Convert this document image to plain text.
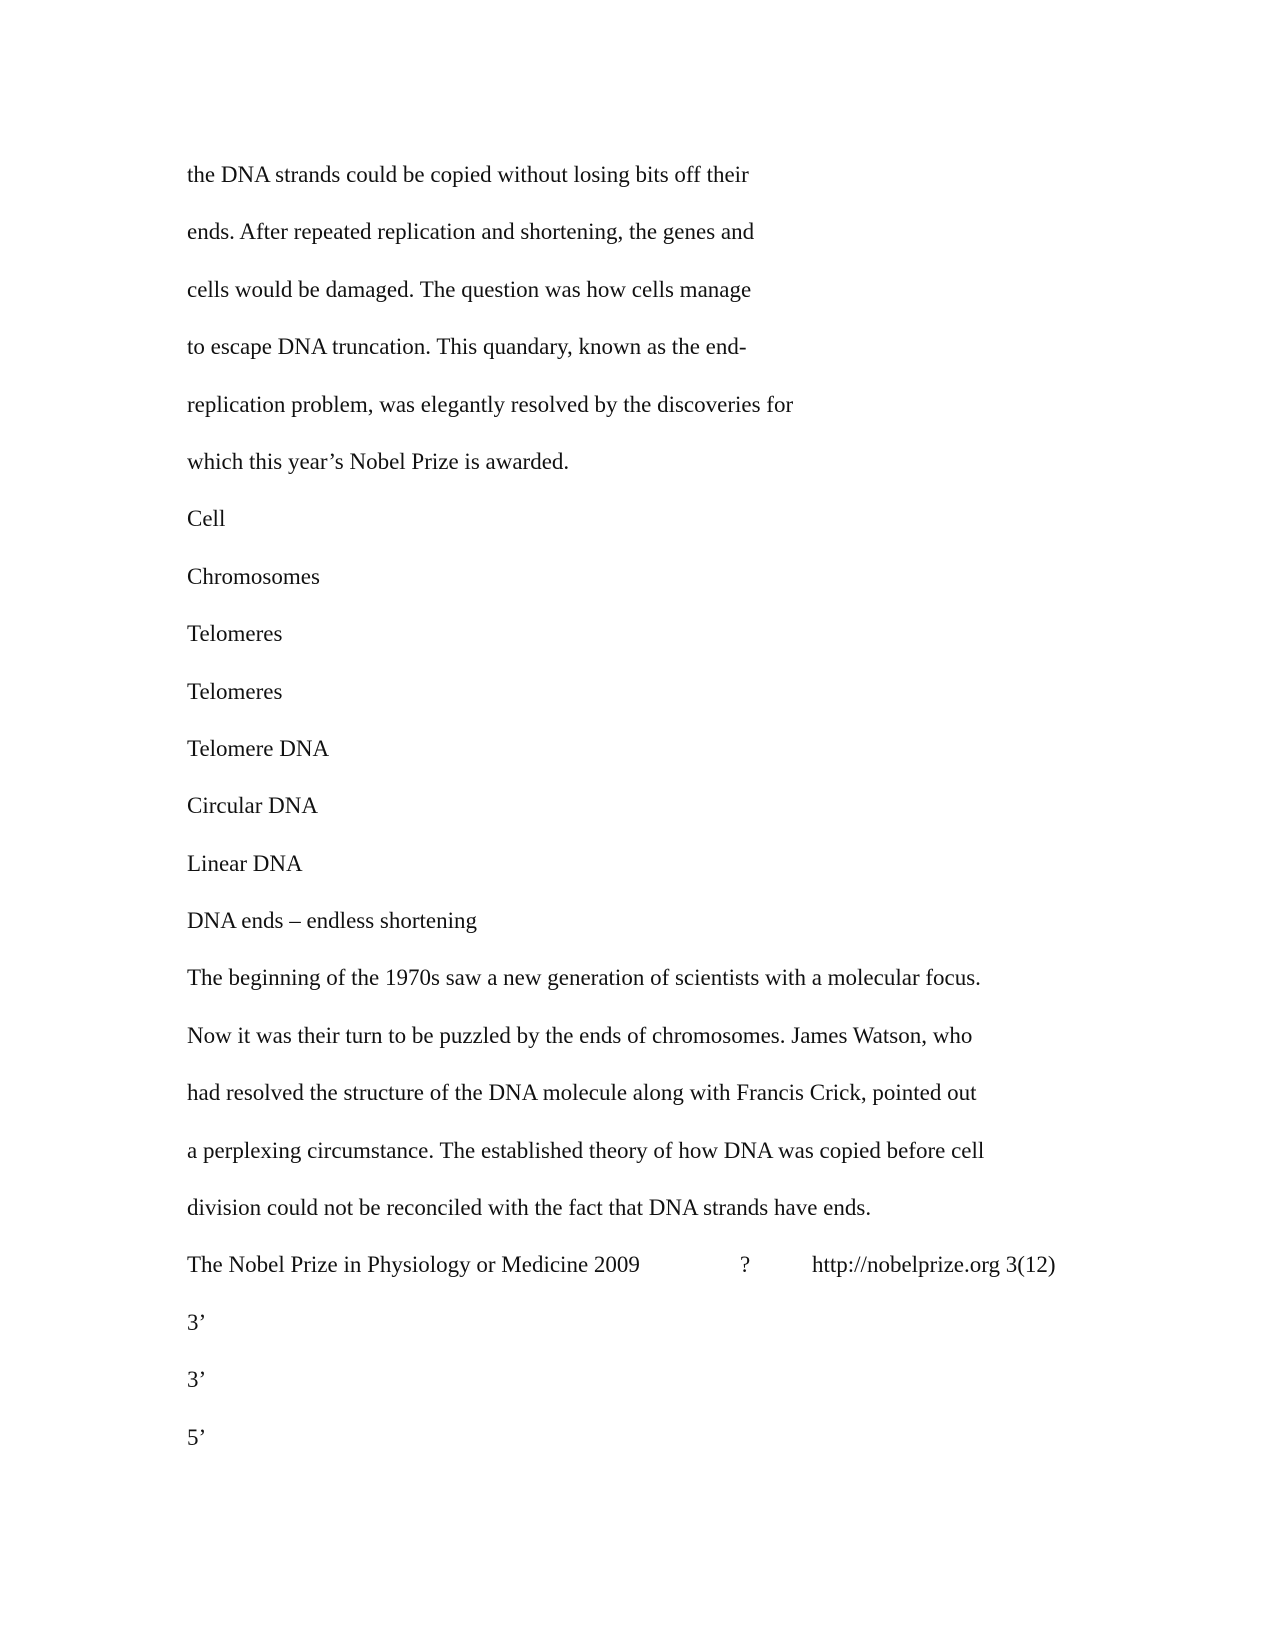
the DNA strands could be copied without losing bits off their

ends. After repeated replication and shortening, the genes and

cells would be damaged. The question was how cells manage

to escape DNA truncation. This quandary, known as the end-

replication problem, was elegantly resolved by the discoveries for

which this year’s Nobel Prize is awarded.

Cell

Chromosomes

Telomeres

Telomeres

Telomere DNA

Circular DNA

Linear DNA

DNA ends – endless shortening

The beginning of the 1970s saw a new generation of scientists with a molecular focus.

Now it was their turn to be puzzled by the ends of chromosomes. James Watson, who

had resolved the structure of the DNA molecule along with Francis Crick, pointed out

a perplexing circumstance. The established theory of how DNA was copied before cell

division could not be reconciled with the fact that DNA strands have ends.

The Nobel Prize in Physiology or Medicine 2009	?	http://nobelprize.org 3(12)

3’

3’

5’
